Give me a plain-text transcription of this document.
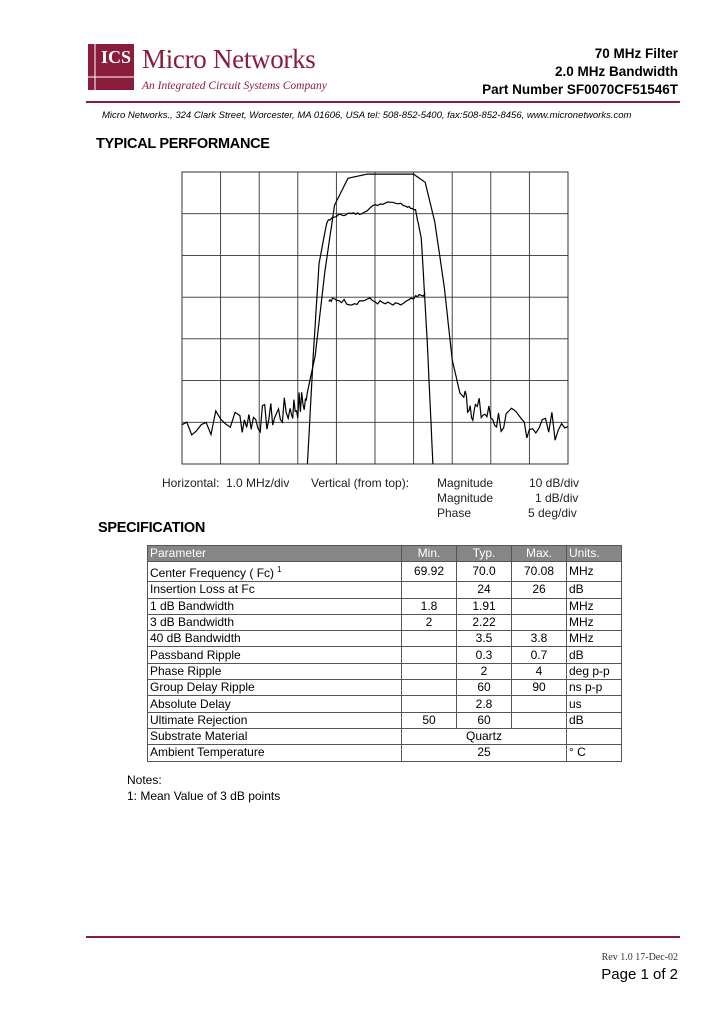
ICS Micro Networks
An Integrated Circuit Systems Company
70 MHz Filter
2.0 MHz Bandwidth
Part Number SF0070CF51546T
Micro Networks., 324 Clark Street, Worcester, MA 01606, USA tel: 508-852-5400, fax:508-852-8456, www.micronetworks.com
TYPICAL PERFORMANCE
Horizontal: 1.0 MHz/div Vertical (from top): Magnitude	10 dB/div
Magnitude	1 dB/div
Phase	5 deg/div
SPECIFICATION
Parameter	Min.	Typ.	Max.	Units.
Center Frequency ( Fc) $^1$	69.92	70.0	70.08	MHz
Insertion Loss at Fc		24	26	dB
1 dB Bandwidth	1.8	1.91		MHz
3 dB Bandwidth	2	2.22		MHz
40 dB Bandwidth		3.5	3.8	MHz
Passband Ripple		0.3	0.7	dB
Phase Ripple		2	4	deg p-p
Group Delay Ripple		60	90	ns p-p
Absolute Delay		2.8		us
Ultimate Rejection	50	60		dB
Substrate Material	Quartz			
Ambient Temperature	25			° C
Notes:
1: Mean Value of 3 dB points
Rev 1.0 17-Dec-02
Page 1 of 2
